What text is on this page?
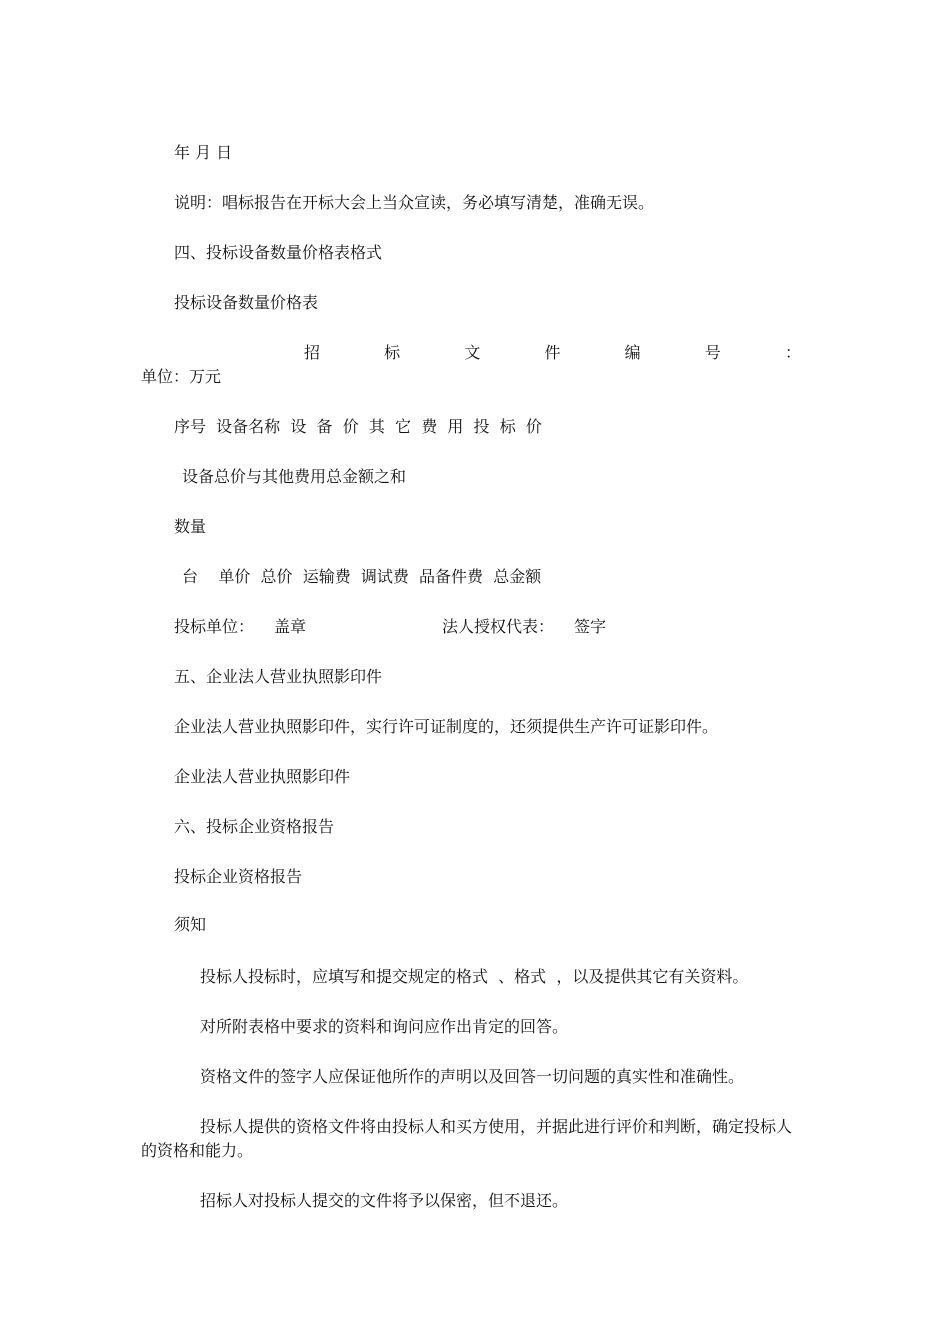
年 月 日
说明：唱标报告在开标大会上当众宣读，务必填写清楚，准确无误。
四、投标设备数量价格表格式
投标设备数量价格表
招	标	文	件	编	号	：
单位：万元
序号  设备名称  设  备  价  其  它  费  用  投  标  价
设备总价与其他费用总金额之和
数量
台    单价  总价  运输费  调试费  品备件费  总金额
投标单位： 盖章	法人授权代表： 签字
五、企业法人营业执照影印件
企业法人营业执照影印件，实行许可证制度的，还须提供生产许可证影印件。
企业法人营业执照影印件
六、投标企业资格报告
投标企业资格报告
须知
投标人投标时，应填写和提交规定的格式  、格式  ，以及提供其它有关资料。
对所附表格中要求的资料和询问应作出肯定的回答。
资格文件的签字人应保证他所作的声明以及回答一切问题的真实性和准确性。
投标人提供的资格文件将由投标人和买方使用，并据此进行评价和判断，确定投标人
的资格和能力。
招标人对投标人提交的文件将予以保密，但不退还。
